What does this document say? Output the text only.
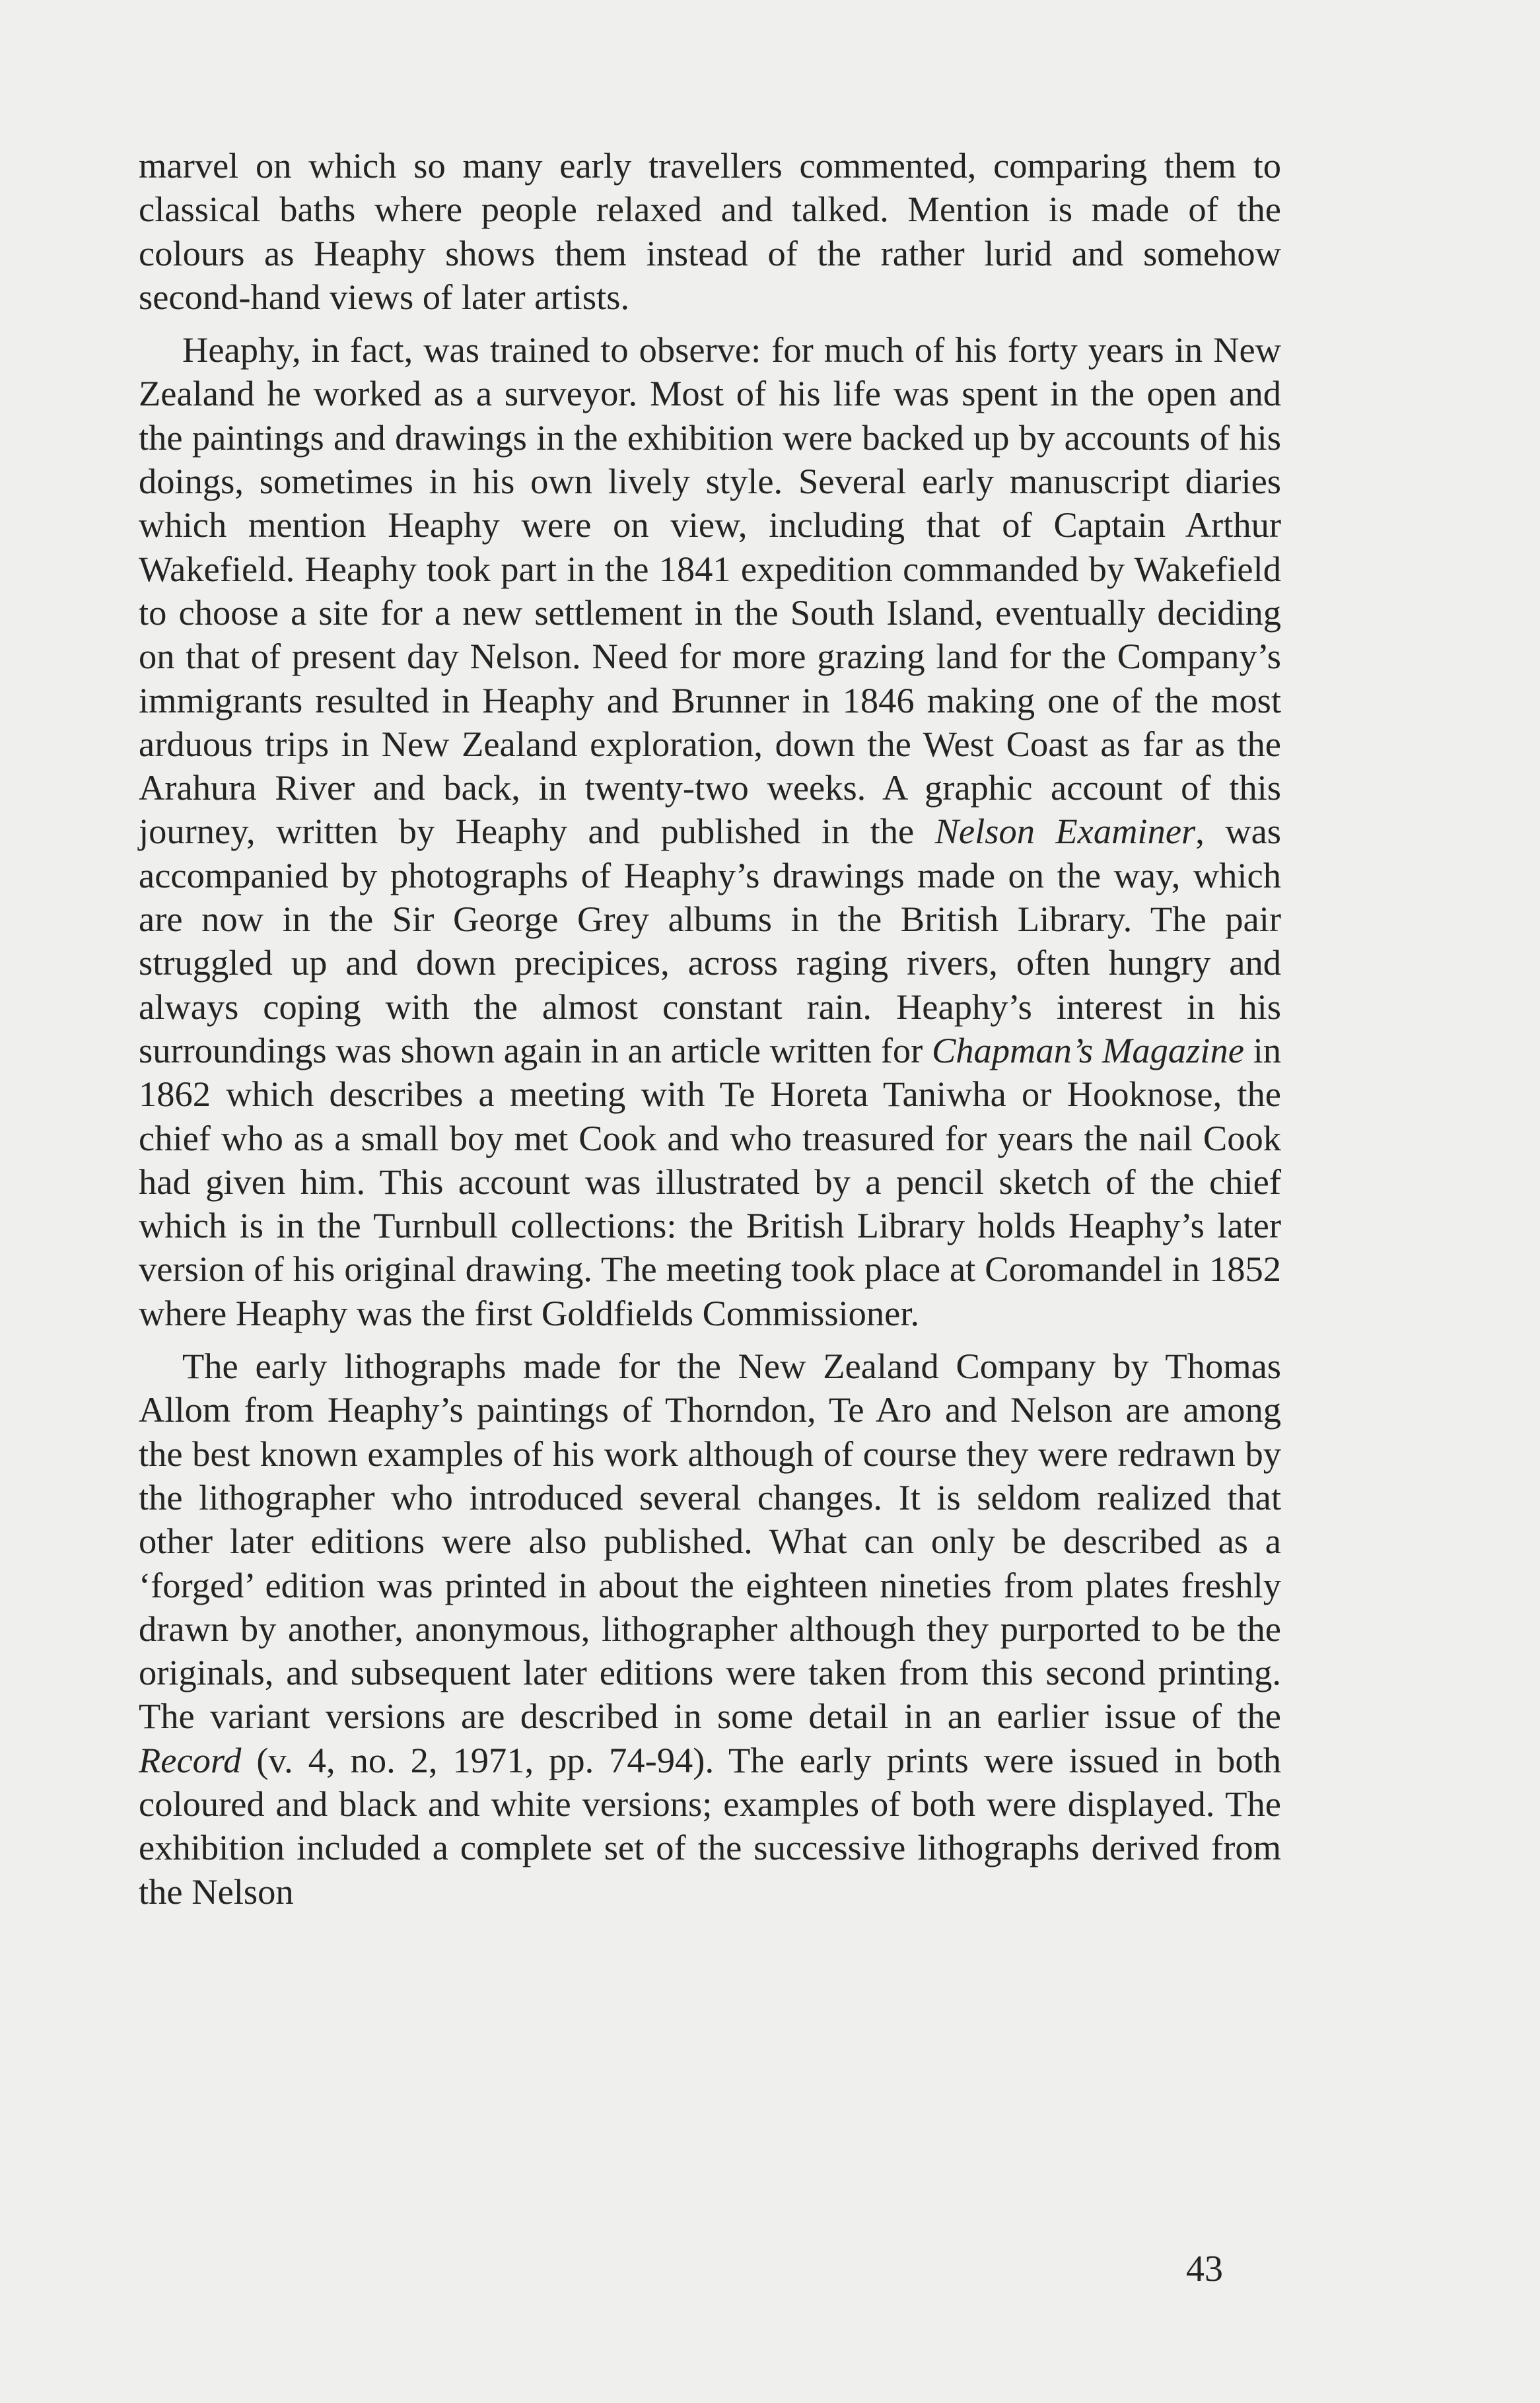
marvel on which so many early travellers commented, comparing them to classical baths where people relaxed and talked. Mention is made of the colours as Heaphy shows them instead of the rather lurid and somehow second-hand views of later artists.

Heaphy, in fact, was trained to observe: for much of his forty years in New Zealand he worked as a surveyor. Most of his life was spent in the open and the paintings and drawings in the exhibition were backed up by accounts of his doings, sometimes in his own lively style. Several early manuscript diaries which mention Heaphy were on view, including that of Captain Arthur Wakefield. Heaphy took part in the 1841 expedition commanded by Wakefield to choose a site for a new settlement in the South Island, eventually deciding on that of present day Nelson. Need for more grazing land for the Company’s immigrants resulted in Heaphy and Brunner in 1846 making one of the most arduous trips in New Zealand exploration, down the West Coast as far as the Arahura River and back, in twenty-two weeks. A graphic account of this journey, written by Heaphy and published in the Nelson Examiner, was accompanied by photographs of Heaphy’s drawings made on the way, which are now in the Sir George Grey albums in the British Library. The pair struggled up and down precipices, across raging rivers, often hungry and always coping with the almost constant rain. Heaphy’s interest in his surroundings was shown again in an article written for Chapman’s Magazine in 1862 which describes a meeting with Te Horeta Taniwha or Hooknose, the chief who as a small boy met Cook and who treasured for years the nail Cook had given him. This account was illustrated by a pencil sketch of the chief which is in the Turnbull collections: the British Library holds Heaphy’s later version of his original drawing. The meeting took place at Coromandel in 1852 where Heaphy was the first Goldfields Commissioner.

The early lithographs made for the New Zealand Company by Thomas Allom from Heaphy’s paintings of Thorndon, Te Aro and Nelson are among the best known examples of his work although of course they were redrawn by the lithographer who introduced several changes. It is seldom realized that other later editions were also published. What can only be described as a ‘forged’ edition was printed in about the eighteen nineties from plates freshly drawn by another, anonymous, lithographer although they purported to be the originals, and subsequent later editions were taken from this second printing. The variant versions are described in some detail in an earlier issue of the Record (v. 4, no. 2, 1971, pp. 74-94). The early prints were issued in both coloured and black and white versions; examples of both were displayed. The exhibition included a complete set of the successive lithographs derived from the Nelson

43
